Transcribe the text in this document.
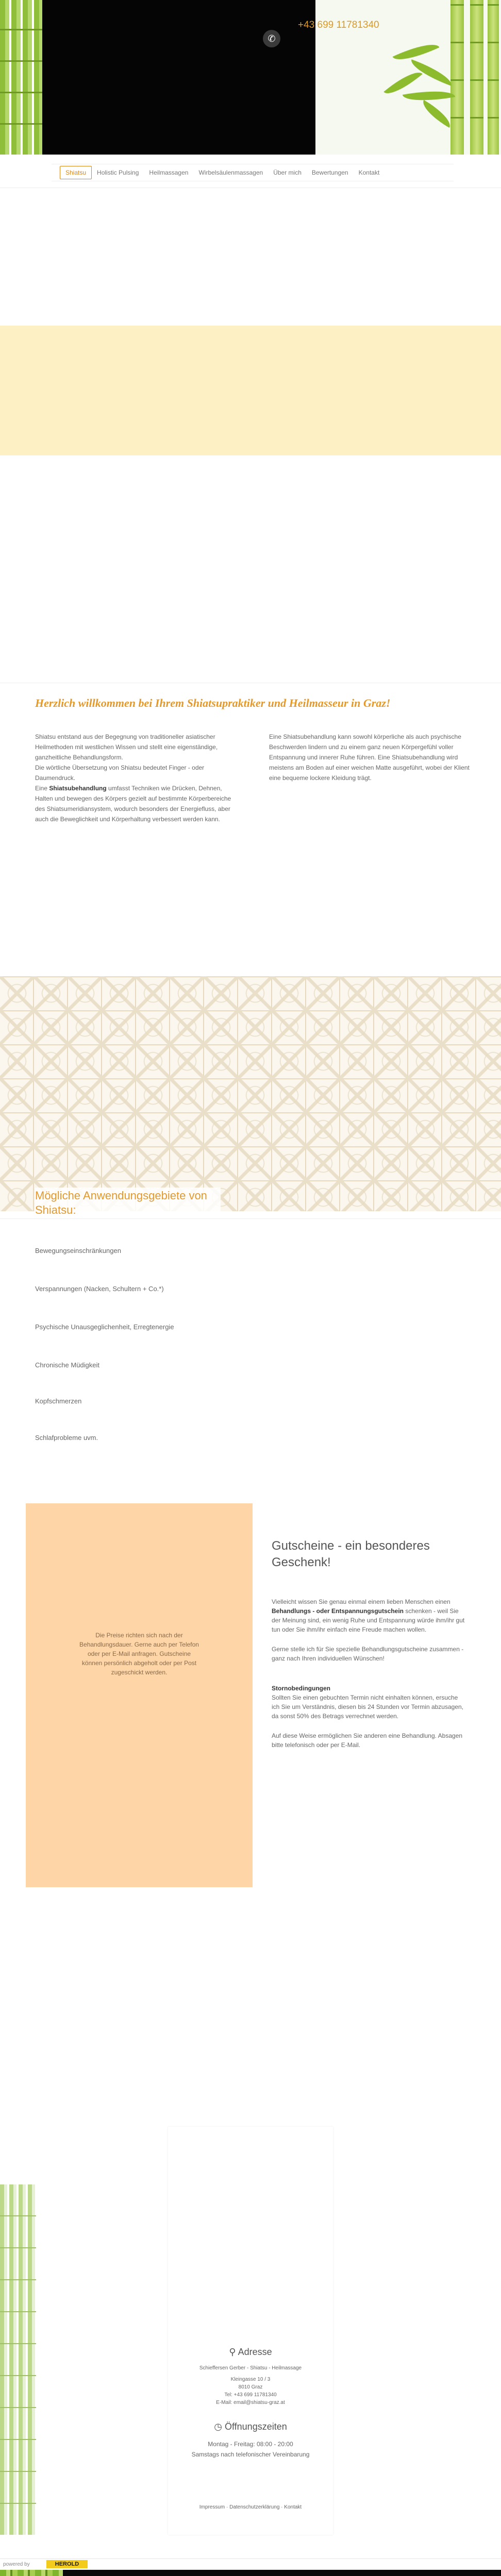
✆
+43 699 11781340
Shiatsu	Holistic Pulsing	Heilmassagen	Wirbelsäulenmassagen	Über mich	Bewertungen	Kontakt
Herzlich willkommen bei Ihrem Shiatsupraktiker und Heilmasseur in Graz!

Shiatsu entstand aus der Begegnung von traditioneller asiatischer Heilmethoden mit westlichen Wissen und stellt eine eigenständige, ganzheitliche Behandlungsform.

Die wörtliche Übersetzung von Shiatsu bedeutet Finger - oder Daumendruck.

Eine Shiatsubehandlung umfasst Techniken wie Drücken, Dehnen, Halten und bewegen des Körpers gezielt auf bestimmte Körperbereiche des Shiatsumeridiansystem, wodurch besonders der Energiefluss, aber auch die Beweglichkeit und Körperhaltung verbessert werden kann.

Eine Shiatsubehandlung kann sowohl körperliche als auch psychische Beschwerden lindern und zu einem ganz neuen Körpergefühl voller Entspannung und innerer Ruhe führen. Eine Shiatsubehandlung wird meistens am Boden auf einer weichen Matte ausgeführt, wobei der Klient eine bequeme lockere Kleidung trägt.

Mögliche Anwendungsgebiete von Shiatsu:
Bewegungseinschränkungen
Verspannungen (Nacken, Schultern + Co.*)
Psychische Unausgeglichenheit, Erregtenergie
Chronische Müdigkeit
Kopfschmerzen
Schlafprobleme uvm.

Die Preise richten sich nach der Behandlungsdauer. Gerne auch per Telefon oder per E-Mail anfragen. Gutscheine können persönlich abgeholt oder per Post zugeschickt werden.

Gutscheine - ein besonderes Geschenk!

Vielleicht wissen Sie genau einmal einem lieben Menschen einen Behandlungs - oder Entspannungsgutschein schenken - weil Sie der Meinung sind, ein wenig Ruhe und Entspannung würde ihm/ihr gut tun oder Sie ihm/ihr einfach eine Freude machen wollen.

Gerne stelle ich für Sie spezielle Behandlungsgutscheine zusammen - ganz nach Ihren individuellen Wünschen!

Stornobedingungen
Sollten Sie einen gebuchten Termin nicht einhalten können, ersuche ich Sie um Verständnis, diesen bis 24 Stunden vor Termin abzusagen, da sonst 50% des Betrags verrechnet werden.

Auf diese Weise ermöglichen Sie anderen eine Behandlung. Absagen bitte telefonisch oder per E-Mail.

⚲ Adresse
Schieffersen Gerber - Shiatsu - Heilmassage
Kleingasse 10 / 3
8010 Graz
Tel: +43 699 11781340
E-Mail: email@shiatsu-graz.at
◷ Öffnungszeiten
Montag - Freitag: 08:00 - 20:00
Samstags nach telefonischer Vereinbarung
Impressum · Datenschutzerklärung · Kontakt
powered by	HEROLD
